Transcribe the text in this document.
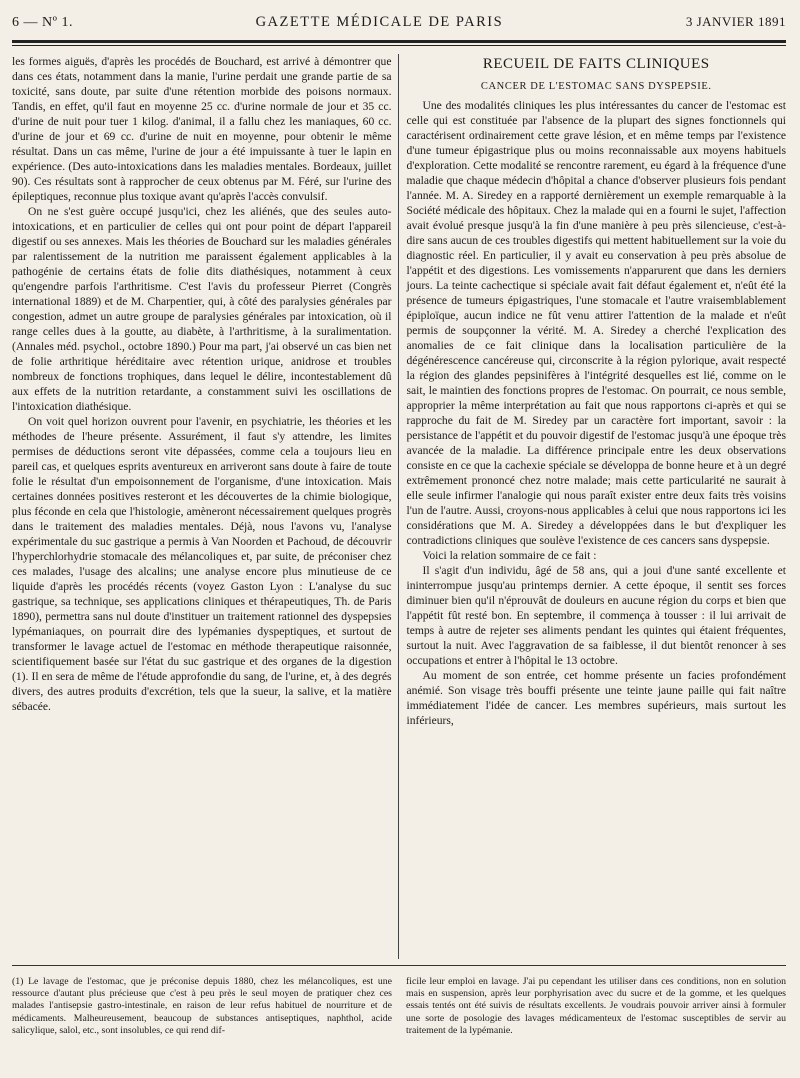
6 — Nº 1.	GAZETTE MÉDICALE DE PARIS	3 JANVIER 1891

les formes aiguës, d'après les procédés de Bouchard, est arrivé à démontrer que dans ces états, notamment dans la manie, l'urine perdait une grande partie de sa toxicité, sans doute, par suite d'une rétention morbide des poisons normaux. Tandis, en effet, qu'il faut en moyenne 25 cc. d'urine normale de jour et 35 cc. d'urine de nuit pour tuer 1 kilog. d'animal, il a fallu chez les maniaques, 60 cc. d'urine de jour et 69 cc. d'urine de nuit en moyenne, pour obtenir le même résultat. Dans un cas même, l'urine de jour a été impuissante à tuer le lapin en expérience. (Des auto-intoxications dans les maladies mentales. Bordeaux, juillet 90). Ces résultats sont à rapprocher de ceux obtenus par M. Féré, sur l'urine des épileptiques, reconnue plus toxique avant qu'après l'accès convulsif.

On ne s'est guère occupé jusqu'ici, chez les aliénés, que des seules auto-intoxications, et en particulier de celles qui ont pour point de départ l'appareil digestif ou ses annexes. Mais les théories de Bouchard sur les maladies générales par ralentissement de la nutrition me paraissent également applicables à la pathogénie de certains états de folie dits diathésiques, notamment à ceux qu'engendre parfois l'arthritisme. C'est l'avis du professeur Pierret (Congrès international 1889) et de M. Charpentier, qui, à côté des paralysies générales par congestion, admet un autre groupe de paralysies générales par intoxication, où il range celles dues à la goutte, au diabète, à l'arthritisme, à la suralimentation. (Annales méd. psychol., octobre 1890.) Pour ma part, j'ai observé un cas bien net de folie arthritique héréditaire avec rétention urique, anidrose et troubles nombreux de fonctions trophiques, dans lequel le délire, incontestablement dû aux effets de la nutrition retardante, a constamment suivi les oscillations de l'intoxication diathésique.

On voit quel horizon ouvrent pour l'avenir, en psychiatrie, les théories et les méthodes de l'heure présente. Assurément, il faut s'y attendre, les limites permises de déductions seront vite dépassées, comme cela a toujours lieu en pareil cas, et quelques esprits aventureux en arriveront sans doute à faire de toute folie le résultat d'un empoisonnement de l'organisme, d'une intoxication. Mais certaines données positives resteront et les découvertes de la chimie biologique, plus féconde en cela que l'histologie, amèneront nécessairement quelques progrès dans le traitement des maladies mentales. Déjà, nous l'avons vu, l'analyse expérimentale du suc gastrique a permis à Van Noorden et Pachoud, de découvrir l'hyperchlorhydrie stomacale des mélancoliques et, par suite, de préconiser chez ces malades, l'usage des alcalins; une analyse encore plus minutieuse de ce liquide d'après les procédés récents (voyez Gaston Lyon : L'analyse du suc gastrique, sa technique, ses applications cliniques et thérapeutiques, Th. de Paris 1890), permettra sans nul doute d'instituer un traitement rationnel des dyspepsies lypémaniaques, on pourrait dire des lypémanies dyspeptiques, et surtout de transformer le lavage actuel de l'estomac en méthode therapeutique raisonnée, scientifiquement basée sur l'état du suc gastrique et des organes de la digestion (1). Il en sera de même de l'étude approfondie du sang, de l'urine, et, à des degrés divers, des autres produits d'excrétion, tels que la sueur, la salive, et la matière sébacée.

RECUEIL DE FAITS CLINIQUES
CANCER DE L'ESTOMAC SANS DYSPEPSIE.

Une des modalités cliniques les plus intéressantes du cancer de l'estomac est celle qui est constituée par l'absence de la plupart des signes fonctionnels qui caractérisent ordinairement cette grave lésion, et en même temps par l'existence d'une tumeur épigastrique plus ou moins reconnaissable aux moyens habituels d'exploration. Cette modalité se rencontre rarement, eu égard à la fréquence d'une maladie que chaque médecin d'hôpital a chance d'observer plusieurs fois pendant l'année. M. A. Siredey en a rapporté dernièrement un exemple remarquable à la Société médicale des hôpitaux. Chez la malade qui en a fourni le sujet, l'affection avait évolué presque jusqu'à la fin d'une manière à peu près silencieuse, c'est-à-dire sans aucun de ces troubles digestifs qui mettent habituellement sur la voie du diagnostic réel. En particulier, il y avait eu conservation à peu près absolue de l'appétit et des digestions. Les vomissements n'apparurent que dans les derniers jours. La teinte cachectique si spéciale avait fait défaut également et, n'eût été la présence de tumeurs épigastriques, l'une stomacale et l'autre vraisemblablement épiploïque, aucun indice ne fût venu attirer l'attention de la malade et n'eût permis de soupçonner la vérité. M. A. Siredey a cherché l'explication des anomalies de ce fait clinique dans la localisation particulière de la dégénérescence cancéreuse qui, circonscrite à la région pylorique, avait respecté la région des glandes pepsinifères à l'intégrité desquelles est lié, comme on le sait, le maintien des fonctions propres de l'estomac. On pourrait, ce nous semble, approprier la même interprétation au fait que nous rapportons ci-après et qui se rapproche du fait de M. Siredey par un caractère fort important, savoir : la persistance de l'appétit et du pouvoir digestif de l'estomac jusqu'à une époque très avancée de la maladie. La différence principale entre les deux observations consiste en ce que la cachexie spéciale se développa de bonne heure et à un degré extrêmement prononcé chez notre malade; mais cette particularité ne saurait à elle seule infirmer l'analogie qui nous paraît exister entre deux faits très voisins l'un de l'autre. Aussi, croyons-nous applicables à celui que nous rapportons ici les considérations que M. A. Siredey a développées dans le but d'expliquer les contradictions cliniques que soulève l'existence de ces cancers sans dyspepsie.

Voici la relation sommaire de ce fait :

Il s'agit d'un individu, âgé de 58 ans, qui a joui d'une santé excellente et ininterrompue jusqu'au printemps dernier. A cette époque, il sentit ses forces diminuer bien qu'il n'éprouvât de douleurs en aucune région du corps et bien que l'appétit fût resté bon. En septembre, il commença à tousser : il lui arrivait de temps à autre de rejeter ses aliments pendant les quintes qui étaient fréquentes, surtout la nuit. Avec l'aggravation de sa faiblesse, il dut bientôt renoncer à ses occupations et entrer à l'hôpital le 13 octobre.

Au moment de son entrée, cet homme présente un facies profondément anémié. Son visage très bouffi présente une teinte jaune paille qui fait naître immédiatement l'idée de cancer. Les membres supérieurs, mais surtout les inférieurs,

(1) Le lavage de l'estomac, que je préconise depuis 1880, chez les mélancoliques, est une ressource d'autant plus précieuse que c'est à peu près le seul moyen de pratiquer chez ces malades l'antisepsie gastro-intestinale, en raison de leur refus habituel de nourriture et de médicaments. Malheureusement, beaucoup de substances antiseptiques, naphthol, acide salicylique, salol, etc., sont insolubles, ce qui rend dif-
ficile leur emploi en lavage. J'ai pu cependant les utiliser dans ces conditions, non en solution mais en suspension, après leur porphyrisation avec du sucre et de la gomme, et les quelques essais tentés ont été suivis de résultats excellents. Je voudrais pouvoir arriver ainsi à formuler une sorte de posologie des lavages médicamenteux de l'estomac susceptibles de servir au traitement de la lypémanie.
